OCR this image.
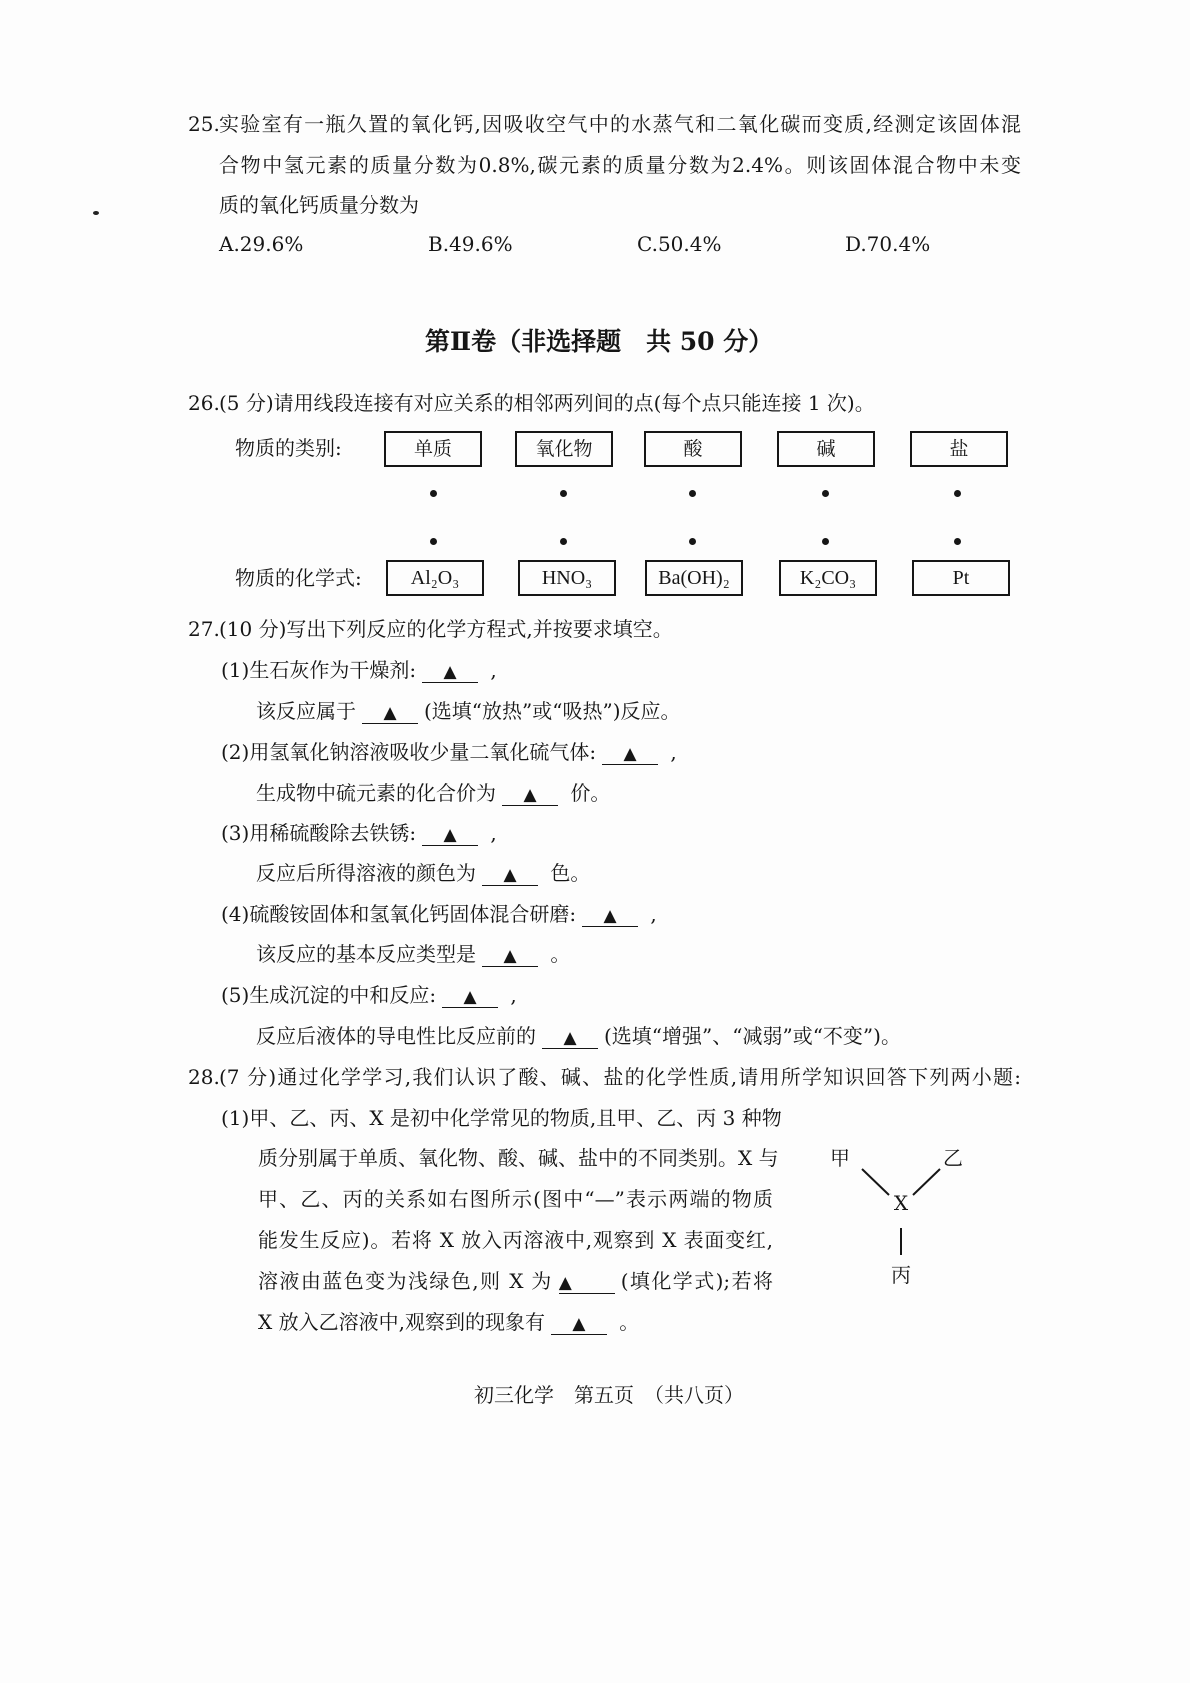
25. 实验室有一瓶久置的氧化钙,因吸收空气中的水蒸气和二氧化碳而变质,经测定该固体混
合物中氢元素的质量分数为0.8%,碳元素的质量分数为2.4%。则该固体混合物中未变
质的氧化钙质量分数为
A.29.6%	B.49.6%	C.50.4%	D.70.4%
第Ⅱ卷（非选择题　共 50 分）
26. (5 分)请用线段连接有对应关系的相邻两列间的点(每个点只能连接 1 次)。
物质的类别:	单质	氧化物	酸	碱	盐
物质的化学式: Al₂O₃	HNO₃	Ba(OH)₂	K₂CO₃	Pt
27. (10 分)写出下列反应的化学方程式,并按要求填空。
(1)生石灰作为干燥剂: ▲ ,
该反应属于 ▲ (选填“放热”或“吸热”)反应。
(2)用氢氧化钠溶液吸收少量二氧化硫气体: ▲ ,
生成物中硫元素的化合价为 ▲ 价。
(3)用稀硫酸除去铁锈: ▲ ,
反应后所得溶液的颜色为 ▲ 色。
(4)硫酸铵固体和氢氧化钙固体混合研磨: ▲ ,
该反应的基本反应类型是 ▲ 。
(5)生成沉淀的中和反应: ▲ ,
反应后液体的导电性比反应前的 ▲ (选填“增强”、“减弱”或“不变”)。
28. (7 分)通过化学学习,我们认识了酸、碱、盐的化学性质,请用所学知识回答下列两小题:
(1)甲、乙、丙、X 是初中化学常见的物质,且甲、乙、丙 3 种物
质分别属于单质、氧化物、酸、碱、盐中的不同类别。X 与
甲、乙、丙的关系如右图所示(图中“—”表示两端的物质
能发生反应)。若将 X 放入丙溶液中,观察到 X 表面变红,
溶液由蓝色变为浅绿色,则 X 为 ▲ (填化学式);若将
X 放入乙溶液中,观察到的现象有 ▲ 。
甲	乙
X
丙
初三化学　第五页　（共八页）
